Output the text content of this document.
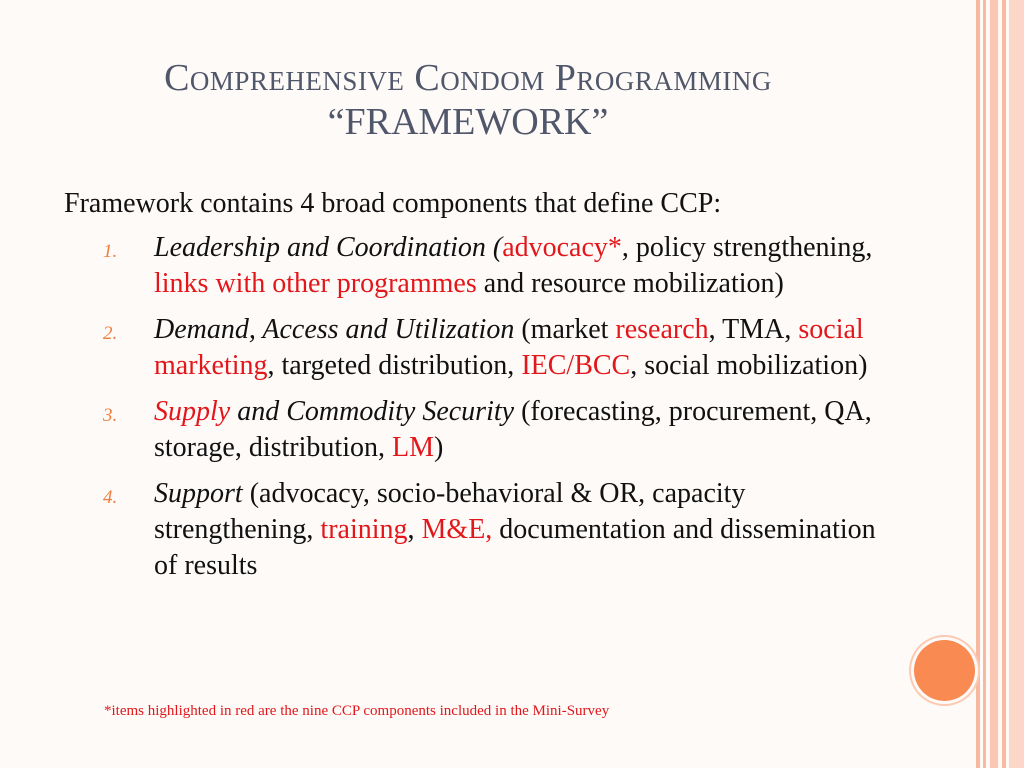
Comprehensive Condom Programming
“FRAMEWORK”

Framework contains 4 broad components that define CCP:

1. Leadership and Coordination (advocacy*, policy strengthening, links with other programmes and resource mobilization)
2. Demand, Access and Utilization (market research, TMA, social marketing, targeted distribution, IEC/BCC, social mobilization)
3. Supply and Commodity Security (forecasting, procurement, QA, storage, distribution, LM)
4. Support (advocacy, socio-behavioral & OR, capacity strengthening, training, M&E, documentation and dissemination of results
*items highlighted in red are the nine CCP components included in the Mini-Survey
